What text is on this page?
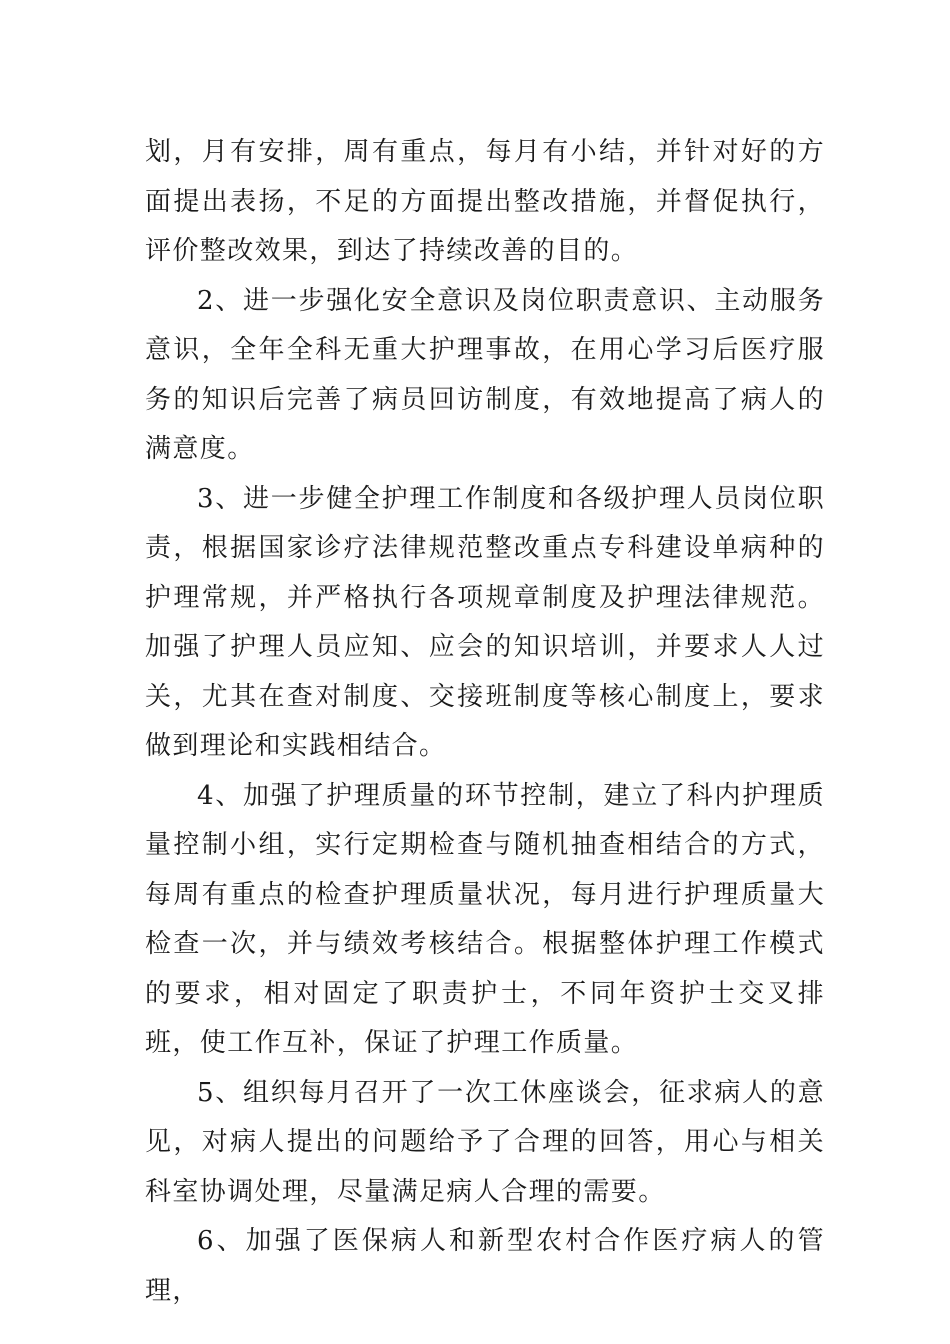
划，月有安排，周有重点，每月有小结，并针对好的方面提出表扬，不足的方面提出整改措施，并督促执行，评价整改效果，到达了持续改善的目的。

2、进一步强化安全意识及岗位职责意识、主动服务意识，全年全科无重大护理事故，在用心学习后医疗服务的知识后完善了病员回访制度，有效地提高了病人的满意度。

3、进一步健全护理工作制度和各级护理人员岗位职责，根据国家诊疗法律规范整改重点专科建设单病种的护理常规，并严格执行各项规章制度及护理法律规范。加强了护理人员应知、应会的知识培训，并要求人人过关，尤其在查对制度、交接班制度等核心制度上，要求做到理论和实践相结合。

4、加强了护理质量的环节控制，建立了科内护理质量控制小组，实行定期检查与随机抽查相结合的方式，每周有重点的检查护理质量状况，每月进行护理质量大检查一次，并与绩效考核结合。根据整体护理工作模式的要求，相对固定了职责护士，不同年资护士交叉排班，使工作互补，保证了护理工作质量。

5、组织每月召开了一次工休座谈会，征求病人的意见，对病人提出的问题给予了合理的回答，用心与相关科室协调处理，尽量满足病人合理的需要。

6、加强了医保病人和新型农村合作医疗病人的管理，
